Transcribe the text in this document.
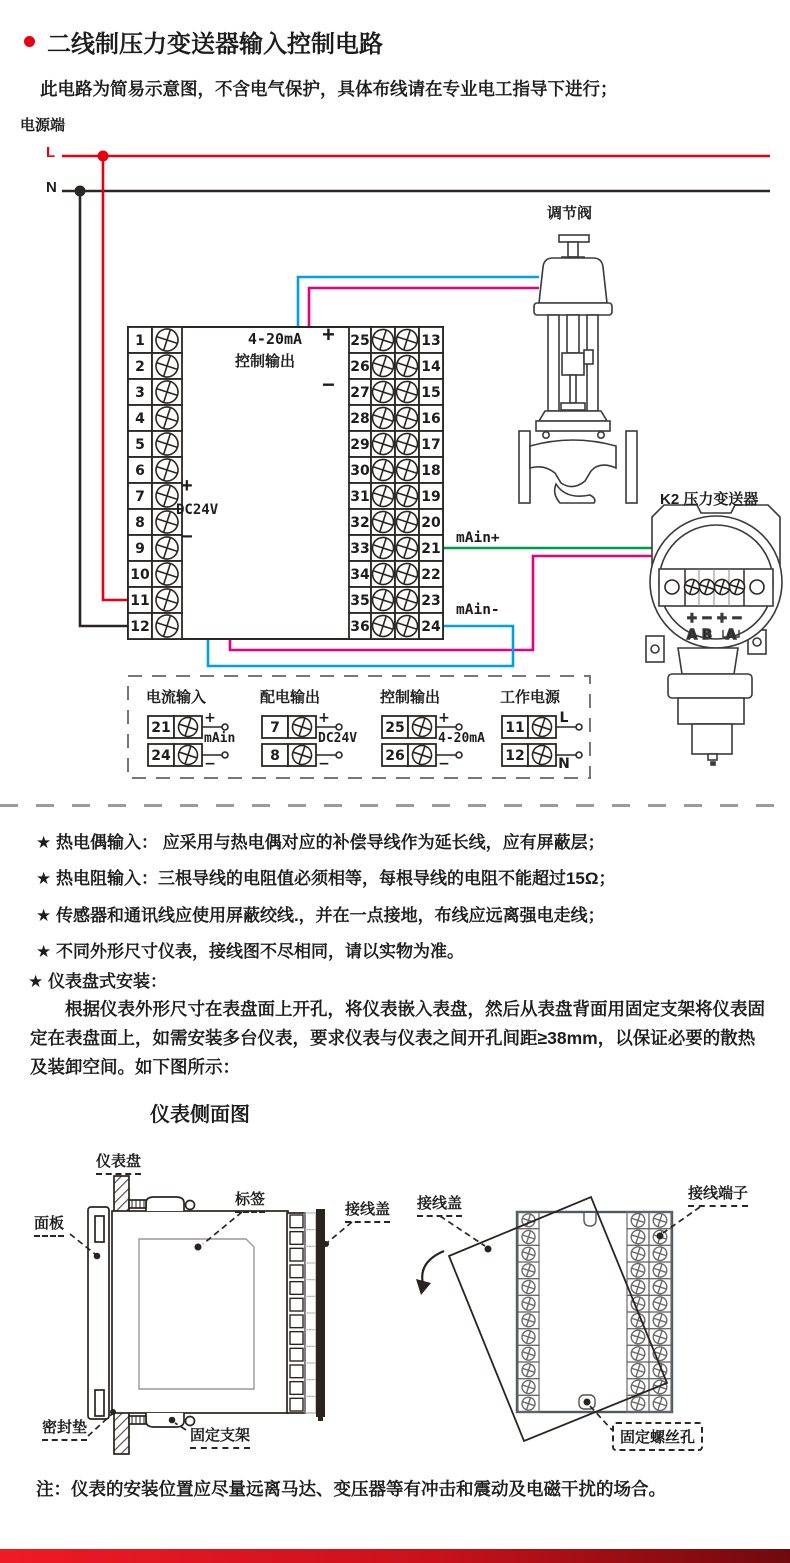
1	25	13
2	26	14
3	27	15
4	28	16
5	29	17
6	30	18
7	31	19
8	32	20
9	33	21
10	34	22
11	35	23
12	36	24
+ − + −
A B A
电流输入
21
+
24 −
mAin
配电输出
7
+
8	−
DC24V
控制输出
25
+
26 −
4-20mA
工作电源
11
L
12 N
二线制压力变送器输入控制电路
此电路为简易示意图，不含电气保护，具体布线请在专业电工指导下进行；
电源端
L
N
4-20mA
控制输出
+
−
+
DC24V
−	mAin+
mAin-
调节阀
K2 压力变送器
★ 热电偶输入： 应采用与热电偶对应的补偿导线作为延长线，应有屏蔽层；
★ 热电阻输入：三根导线的电阻值必须相等，每根导线的电阻不能超过15Ω；
★ 传感器和通讯线应使用屏蔽绞线.，并在一点接地，布线应远离强电走线；
★ 不同外形尺寸仪表，接线图不尽相同，请以实物为准。
★ 仪表盘式安装：
根据仪表外形尺寸在表盘面上开孔，将仪表嵌入表盘，然后从表盘背面用固定支架将仪表固定在表盘面上，如需安装多台仪表，要求仪表与仪表之间开孔间距≥38mm，以保证必要的散热及装卸空间。如下图所示：
仪表侧面图
仪表盘
面板
标签
接线盖
密封垫	固定支架
接线盖
接线端子
固定螺丝孔
注：仪表的安装位置应尽量远离马达、变压器等有冲击和震动及电磁干扰的场合。
